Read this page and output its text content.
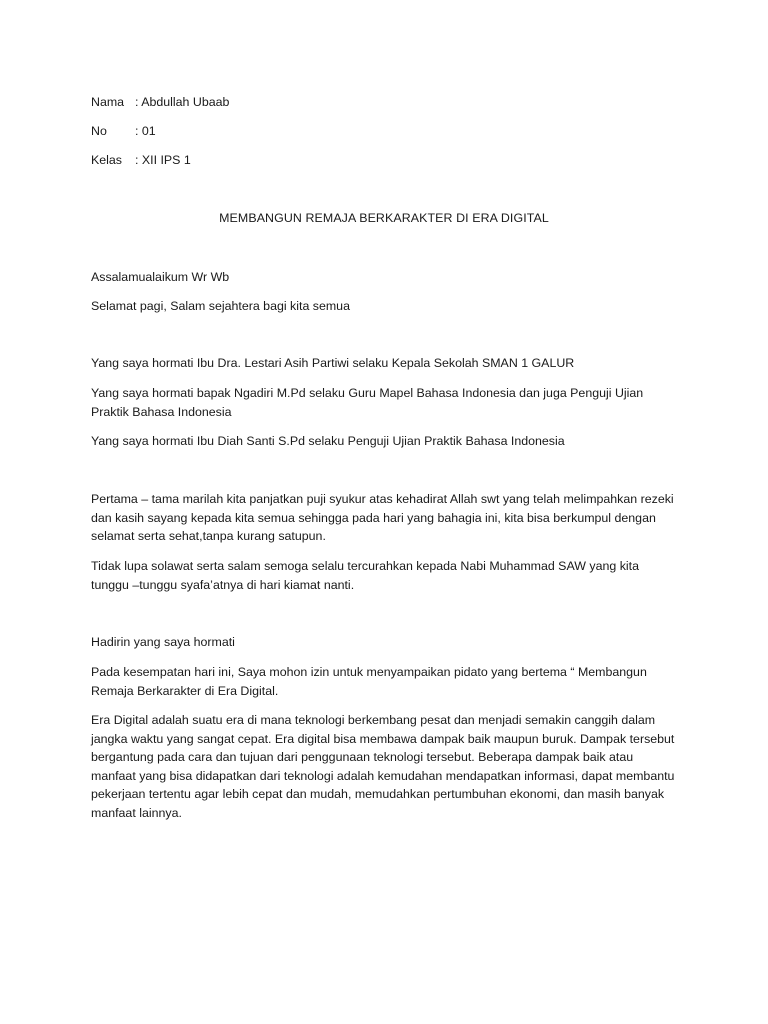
Nama : Abdullah Ubaab
No	: 01
Kelas	: XII IPS 1
MEMBANGUN REMAJA BERKARAKTER DI ERA DIGITAL

Assalamualaikum Wr Wb

Selamat pagi, Salam sejahtera bagi kita semua

Yang saya hormati Ibu Dra. Lestari Asih Partiwi selaku Kepala Sekolah SMAN 1 GALUR

Yang saya hormati bapak Ngadiri M.Pd selaku Guru Mapel Bahasa Indonesia dan juga Penguji Ujian Praktik Bahasa Indonesia

Yang saya hormati Ibu Diah Santi S.Pd selaku Penguji Ujian Praktik Bahasa Indonesia

Pertama – tama marilah kita panjatkan puji syukur atas kehadirat Allah swt yang telah melimpahkan rezeki dan kasih sayang kepada kita semua sehingga pada hari yang bahagia ini, kita bisa berkumpul dengan selamat serta sehat,tanpa kurang satupun.

Tidak lupa solawat serta salam semoga selalu tercurahkan kepada Nabi Muhammad SAW yang kita tunggu –tunggu syafa’atnya di hari kiamat nanti.

Hadirin yang saya hormati

Pada kesempatan hari ini, Saya mohon izin untuk menyampaikan pidato yang bertema “ Membangun Remaja Berkarakter di Era Digital.

Era Digital adalah suatu era di mana teknologi berkembang pesat dan menjadi semakin canggih dalam jangka waktu yang sangat cepat. Era digital bisa membawa dampak baik maupun buruk. Dampak tersebut bergantung pada cara dan tujuan dari penggunaan teknologi tersebut. Beberapa dampak baik atau manfaat yang bisa didapatkan dari teknologi adalah kemudahan mendapatkan informasi, dapat membantu pekerjaan tertentu agar lebih cepat dan mudah, memudahkan pertumbuhan ekonomi, dan masih banyak manfaat lainnya.
